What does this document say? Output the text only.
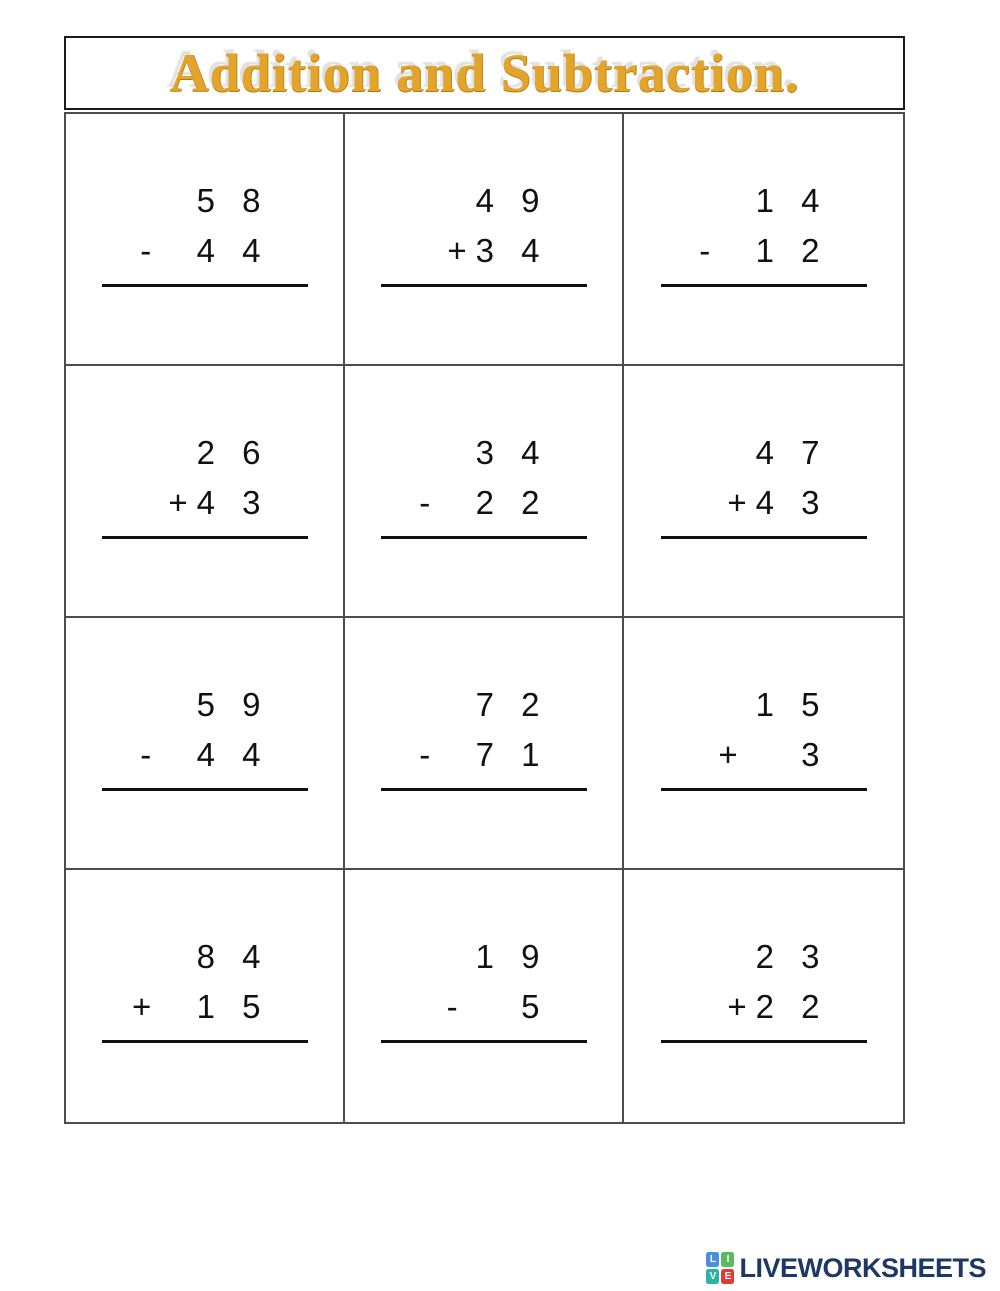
Addition and Subtraction.
5 8
-  4 4
4 9
+3 4
1 4
-  1 2
2 6
+4 3
3 4
-  2 2
4 7
+4 3
5 9
-  4 4
7 2
-  7 1
1 5
+   3
8 4
+  1 5
1 9
-   5
2 3
+2 2
L	I
V E LIVEWORKSHEETS
